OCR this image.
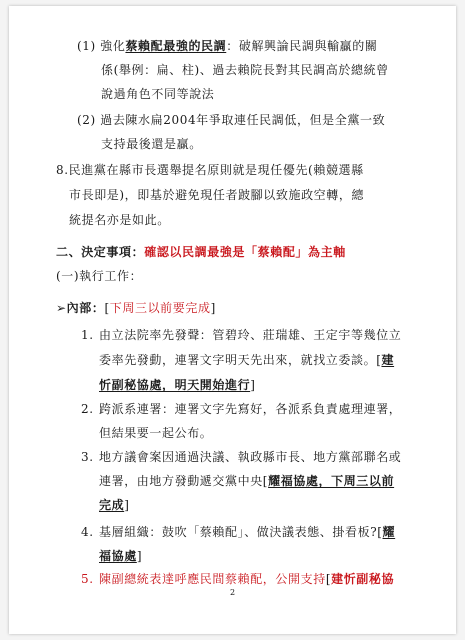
(1) 強化蔡賴配最強的民調：破解興論民調與輸贏的關
係(舉例：扁、柱)、過去賴院長對其民調高於總統曾
說過角色不同等說法
(2) 過去陳水扁2004年爭取連任民調低，但是全黨一致
支持最後還是贏。
8.民進黨在縣市長選舉提名原則就是現任優先(賴競選縣
市長即是)，即基於避免現任者跛腳以致施政空轉，總
統提名亦是如此。
二、決定事項：確認以民調最強是「蔡賴配」為主軸
(一)執行工作：
➢內部：[下周三以前要完成]
1. 由立法院率先發聲：管碧玲、莊瑞雄、王定宇等幾位立
委率先發動，連署文字明天先出來，就找立委談。[建
忻副秘協處，明天開始進行]
2. 跨派系連署：連署文字先寫好，各派系負責處理連署，
但結果要一起公布。
3. 地方議會案因通過決議、執政縣市長、地方黨部聯名或
連署，由地方發動遞交黨中央[耀福協處，下周三以前
完成]
4. 基層組織：鼓吹「蔡賴配」、做決議表態、掛看板?[耀
福協處]
5. 陳副總統表達呼應民間蔡賴配，公開支持[建忻副秘協
2
